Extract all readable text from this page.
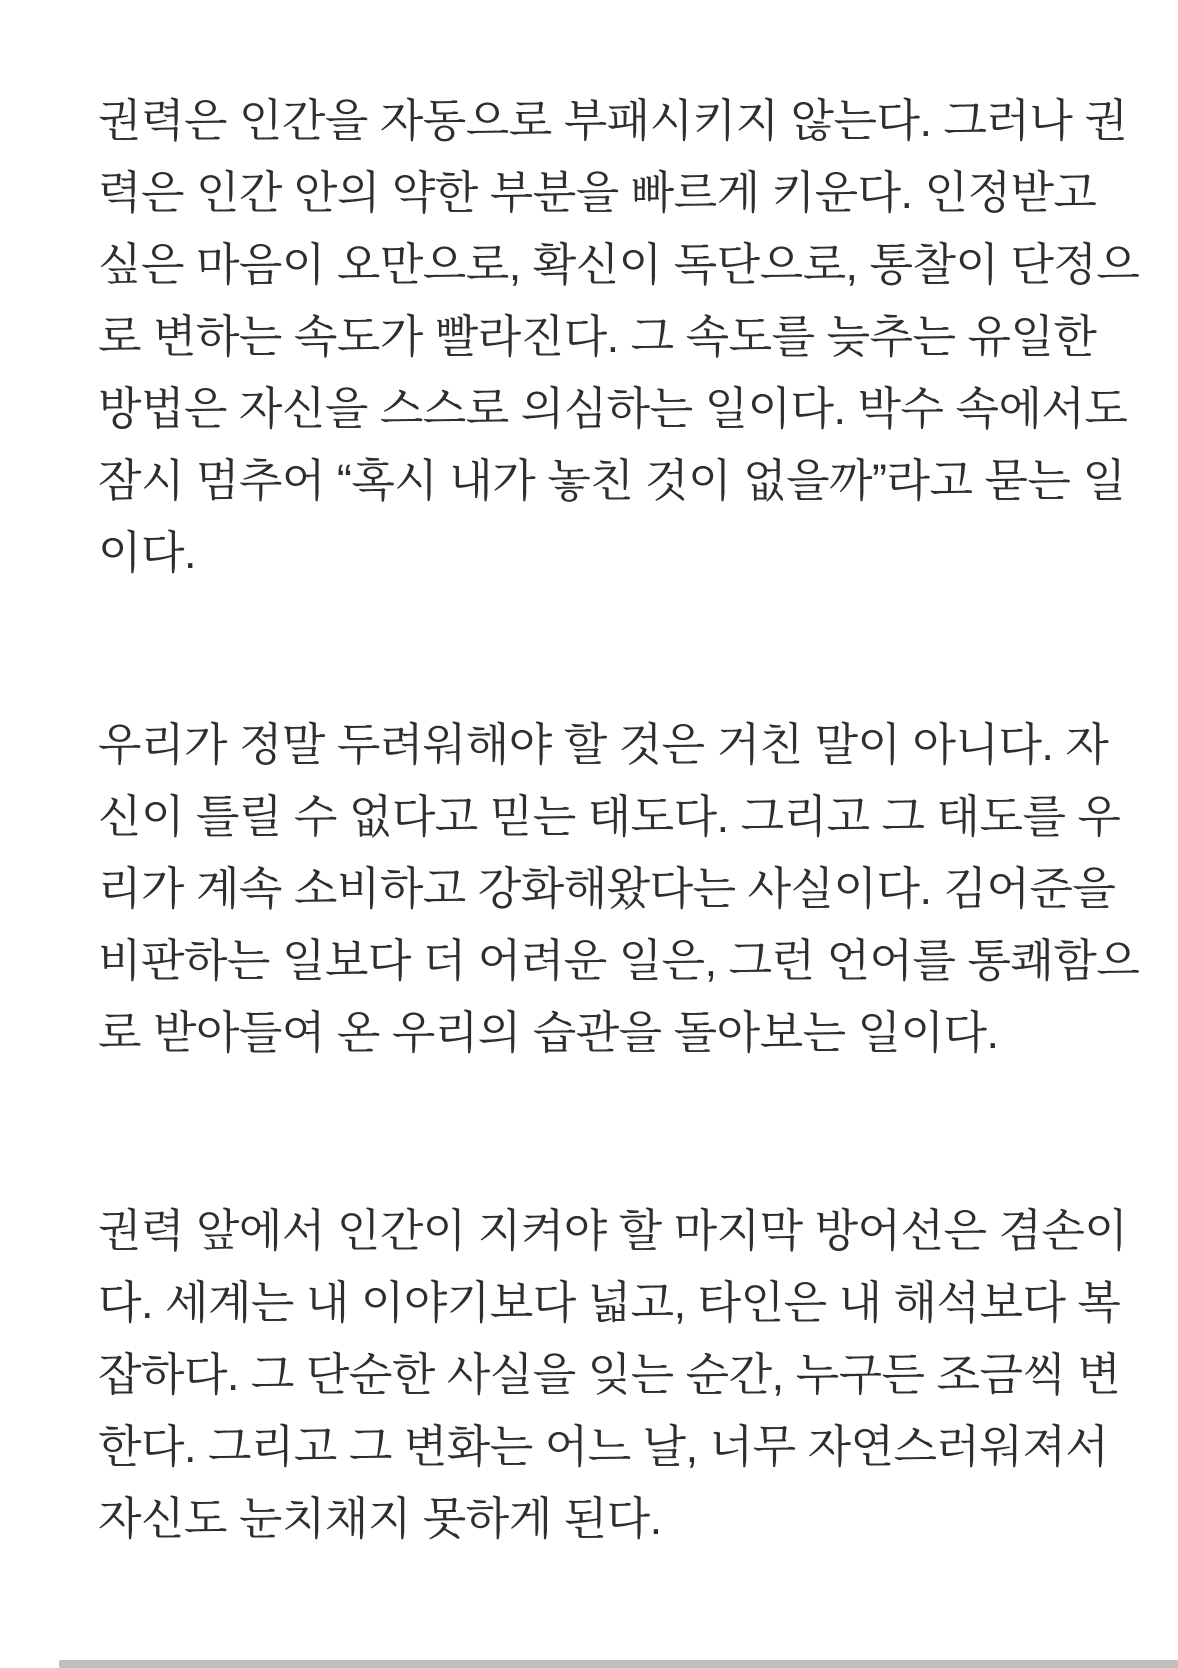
권력은 인간을 자동으로 부패시키지 않는다. 그러나 권
력은 인간 안의 약한 부분을 빠르게 키운다. 인정받고
싶은 마음이 오만으로, 확신이 독단으로, 통찰이 단정으
로 변하는 속도가 빨라진다. 그 속도를 늦추는 유일한
방법은 자신을 스스로 의심하는 일이다. 박수 속에서도
잠시 멈추어 “혹시 내가 놓친 것이 없을까”라고 묻는 일
이다.
우리가 정말 두려워해야 할 것은 거친 말이 아니다. 자
신이 틀릴 수 없다고 믿는 태도다. 그리고 그 태도를 우
리가 계속 소비하고 강화해왔다는 사실이다. 김어준을
비판하는 일보다 더 어려운 일은, 그런 언어를 통쾌함으
로 받아들여 온 우리의 습관을 돌아보는 일이다.
권력 앞에서 인간이 지켜야 할 마지막 방어선은 겸손이
다. 세계는 내 이야기보다 넓고, 타인은 내 해석보다 복
잡하다. 그 단순한 사실을 잊는 순간, 누구든 조금씩 변
한다. 그리고 그 변화는 어느 날, 너무 자연스러워져서
자신도 눈치채지 못하게 된다.
